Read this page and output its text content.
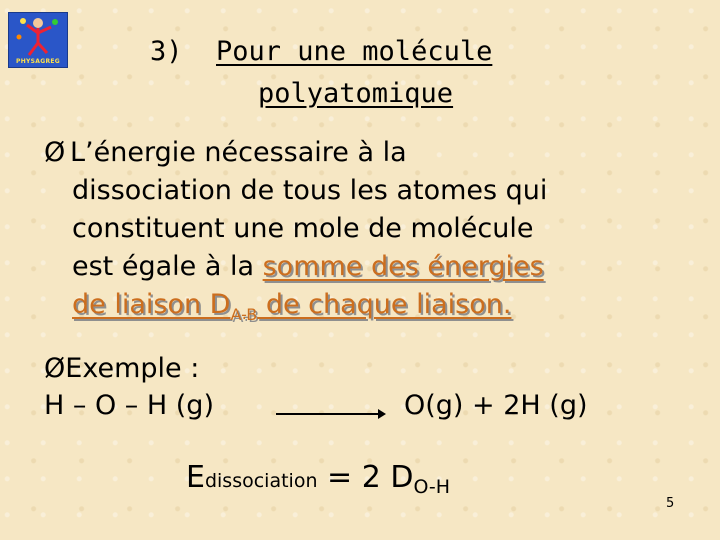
PHYSAGREG	3) Pour une molécule
polyatomique
Ø L’énergie nécessaire à la
dissociation de tous les atomes qui
constituent une mole de molécule
est égale à la somme des énergies
de liaison $D_{A-B}$ de chaque liaison.
ØExemple :
H – O – H (g)	O(g) + 2H (g)
Edissociation = 2 $D_{O-H}$
5
